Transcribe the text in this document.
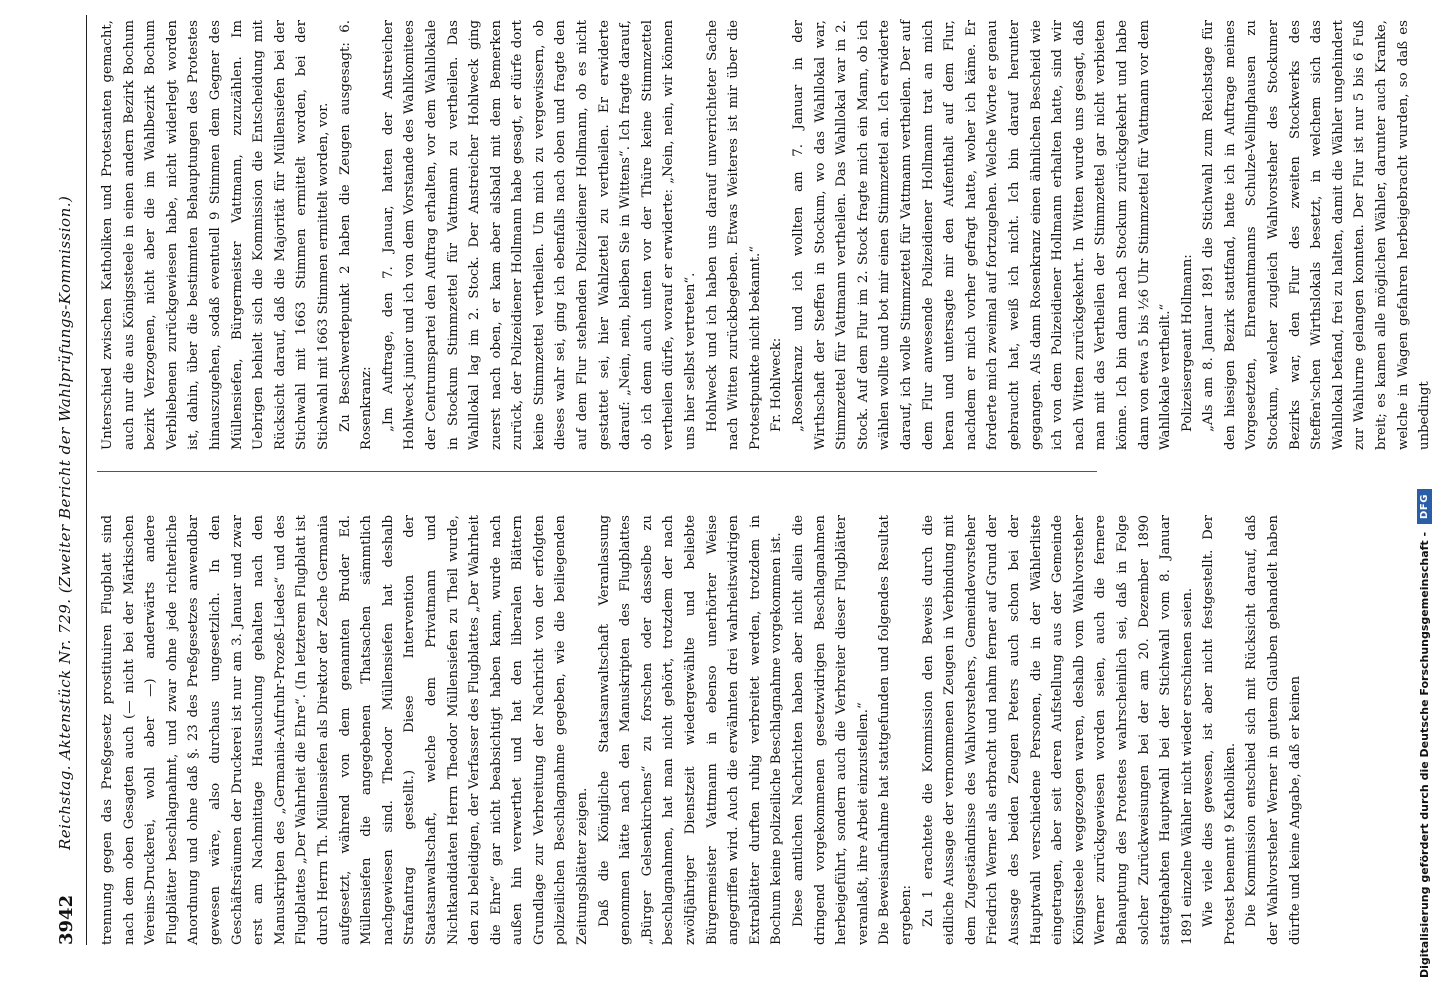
3942
Reichstag. Aktenstück Nr. 729. (Zweiter Bericht der Wahlprüfungs-Kommission.) trennung gegen das Preßgesetz prostituiren Flugblatt sind nach dem oben Gesagten auch (— nicht bei der Märkischen Vereins-Druckerei, wohl aber —) anderwärts andere Flugblätter beschlagnahmt, und zwar ohne jede richterliche Anordnung und ohne daß §. 23 des Preßgesetzes anwendbar gewesen wäre, also durchaus ungesetzlich. In den Geschäftsräumen der Druckerei ist nur am 3. Januar und zwar erst am Nachmittage Haussuchung gehalten nach den Manuskripten des „Germania-Aufruhr-Prozeß-Liedes“ und des Flugblattes „Der Wahrheit die Ehre“. (In letzterem Flugblatt ist durch Herrn Th. Müllensiefen als Direktor der Zeche Germania aufgesetzt, während von dem genannten Bruder Ed. Müllensiefen die angegebenen Thatsachen sämmtlich nachgewiesen sind. Theodor Müllensiefen hat deshalb Strafantrag gestellt.) Diese Intervention der Staatsanwaltschaft, welche dem Privatmann und Nichtkandidaten Herrn Theodor Müllensiefen zu Theil wurde, den zu beleidigen, der Verfasser des Flugblattes „Der Wahrheit die Ehre“ gar nicht beabsichtigt haben kann, wurde nach außen hin verwerthet und hat den liberalen Blättern Grundlage zur Verbreitung der Nachricht von der erfolgten polizeilichen Beschlagnahme gegeben, wie die beiliegenden Zeitungsblätter zeigen. Daß die Königliche Staatsanwaltschaft Veranlassung genommen hätte nach den Manuskripten des Flugblattes „Bürger Gelsenkirchens“ zu forschen oder dasselbe zu beschlagnahmen, hat man nicht gehört, trotzdem der nach zwölfjähriger Dienstzeit wiedergewählte und beliebte Bürgermeister Vattmann in ebenso unerhörter Weise angegriffen wird. Auch die erwähnten drei wahrheitswidrigen Extrablätter durften ruhig verbreitet werden, trotzdem in Bochum keine polizeiliche Beschlagnahme vorgekommen ist. Diese amtlichen Nachrichten haben aber nicht allein die dringend vorgekommenen gesetzwidrigen Beschlagnahmen herbeigeführt, sondern auch die Verbreiter dieser Flugblätter veranlaßt, ihre Arbeit einzustellen.“ Die Beweisaufnahme hat stattgefunden und folgendes Resultat ergeben: Zu 1 erachtete die Kommission den Beweis durch die eidliche Aussage der vernommenen Zeugen in Verbindung mit dem Zugeständnisse des Wahlvorstehers, Gemeindevorsteher Friedrich Werner als erbracht und nahm ferner auf Grund der Aussage des beiden Zeugen Peters auch schon bei der Hauptwahl verschiedene Personen, die in der Wählerliste eingetragen, aber seit deren Aufstellung aus der Gemeinde Königssteele weggezogen waren, deshalb vom Wahlvorsteher Werner zurückgewiesen worden seien, auch die fernere Behauptung des Protestes wahrscheinlich sei, daß in Folge solcher Zurückweisungen bei der am 20. Dezember 1890 stattgehabten Hauptwahl bei der Stichwahl vom 8. Januar 1891 einzelne Wähler nicht wieder erschienen seien. Wie viele dies gewesen, ist aber nicht festgestellt. Der Protest benennt 9 Katholiken. Die Kommission entschied sich mit Rücksicht darauf, daß der Wahlvorsteher Werner in gutem Glauben gehandelt haben dürfte und keine Angabe, daß er keinen

Unterschied zwischen Katholiken und Protestanten gemacht, auch nur die aus Königssteele in einen andern Bezirk Bochum bezirk Verzogenen, nicht aber die im Wahlbezirk Bochum Verbliebenen zurückgewiesen habe, nicht widerlegt worden ist, dahin, über die bestimmten Behauptungen des Protestes hinauszugehen, sodaß eventuell 9 Stimmen dem Gegner des Müllensiefen, Bürgermeister Vattmann, zuzuzählen. Im Uebrigen behielt sich die Kommission die Entscheidung mit Rücksicht darauf, daß die Majorität für Müllensiefen bei der Stichwahl mit 1663 Stimmen ermittelt worden, bei der Stichwahl mit 1663 Stimmen ermittelt worden, vor. Zu Beschwerdepunkt 2 haben die Zeugen ausgesagt: 6. Rosenkranz: „Im Auftrage, den 7. Januar, hatten der Anstreicher Hohlweck junior und ich von dem Vorstande des Wahlkomitees der Centrumspartei den Auftrag erhalten, vor dem Wahllokale in Stockum Stimmzettel für Vattmann zu vertheilen. Das Wahllokal lag im 2. Stock. Der Anstreicher Hohlweck ging zuerst nach oben, er kam aber alsbald mit dem Bemerken zurück, der Polizeidiener Hollmann habe gesagt, er dürfe dort keine Stimmzettel vertheilen. Um mich zu vergewissern, ob dieses wahr sei, ging ich ebenfalls nach oben und fragte den auf dem Flur stehenden Polizeidiener Hollmann, ob es nicht gestattet sei, hier Wahlzettel zu vertheilen. Er erwiderte darauf: „Nein, nein, bleiben Sie in Wittens“. Ich fragte darauf, ob ich denn auch unten vor der Thüre keine Stimmzettel vertheilen dürfe, worauf er erwiderte: „Nein, nein, wir können uns hier selbst vertreten“. Hohlweck und ich haben uns darauf unverrichteter Sache nach Witten zurückbegeben. Etwas Weiteres ist mir über die Protestpunkte nicht bekannt.“ Fr. Hohlweck: „Rosenkranz und ich wollten am 7. Januar in der Wirthschaft der Steffen in Stockum, wo das Wahllokal war, Stimmzettel für Vattmann vertheilen. Das Wahllokal war in 2. Stock. Auf dem Flur im 2. Stock fragte mich ein Mann, ob ich wählen wollte und bot mir einen Stimmzettel an. Ich erwiderte darauf, ich wolle Stimmzettel für Vattmann vertheilen. Der auf dem Flur anwesende Polizeidiener Hollmann trat an mich heran und untersagte mir den Aufenthalt auf dem Flur, nachdem er mich vorher gefragt hatte, woher ich käme. Er forderte mich zweimal auf fortzugehen. Welche Worte er genau gebraucht hat, weiß ich nicht. Ich bin darauf herunter gegangen. Als dann Rosenkranz einen ähnlichen Bescheid wie ich von dem Polizeidiener Hollmann erhalten hatte, sind wir nach Witten zurückgekehrt. In Witten wurde uns gesagt, daß man mit das Vertheilen der Stimmzettel gar nicht verbieten könne. Ich bin dann nach Stockum zurückgekehrt und habe dann von etwa 5 bis ½6 Uhr Stimmzettel für Vattmann vor dem Wahllokale vertheilt.“ Polizeisergeant Hollmann: „Als am 8. Januar 1891 die Stichwahl zum Reichstage für den hiesigen Bezirk stattfand, hatte ich in Auftrage meines Vorgesetzten, Ehrenamtmanns Schulze-Vellinghausen zu Stockum, welcher zugleich Wahlvorsteher des Stockumer Bezirks war, den Flur des zweiten Stockwerks des Steffen'schen Wirthslokals besetzt, in welchem sich das Wahllokal befand, frei zu halten, damit die Wähler ungehindert zur Wahlurne gelangen konnten. Der Flur ist nur 5 bis 6 Fuß breit; es kamen alle möglichen Wähler, darunter auch Kranke, welche in Wagen gefahren herbeigebracht wurden, so daß es unbedingt

Digitalisierung gefördert durch die Deutsche Forschungsgemeinschaft -
DFG
